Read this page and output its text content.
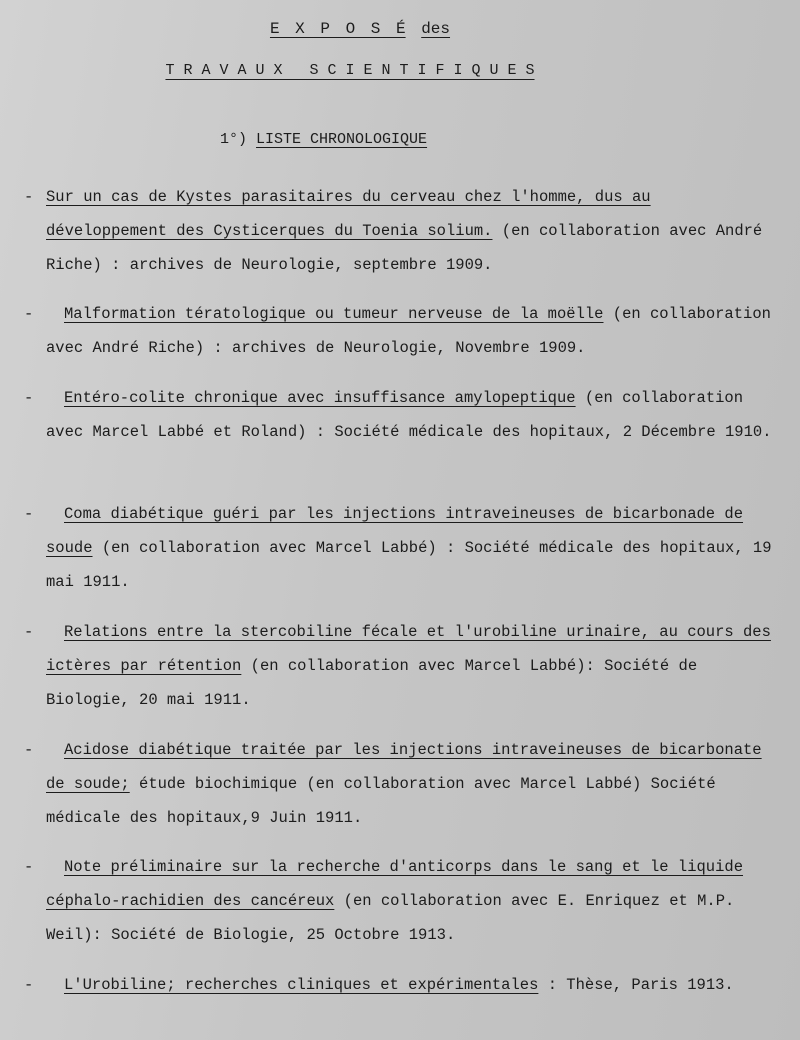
E X P O S É des
T R A V A U X   S C I E N T I F I Q U E S
1°) LISTE CHRONOLOGIQUE
- Sur un cas de Kystes parasitaires du cerveau chez l'homme, dus au développement des Cysticerques du Toenia solium. (en collaboration avec André Riche) : archives de Neurologie, septembre 1909.
-	Malformation tératologique ou tumeur nerveuse de la moëlle (en collaboration avec André Riche) : archives de Neurologie, Novembre 1909.
-	Entéro-colite chronique avec insuffisance amylopeptique (en collaboration avec Marcel Labbé et Roland) : Société médicale des hopitaux, 2 Décembre 1910.
-	Coma diabétique guéri par les injections intraveineuses de bicarbonade de soude (en collaboration avec Marcel Labbé) : Société médicale des hopitaux, 19 mai 1911.
-	Relations entre la stercobiline fécale et l'urobiline urinaire, au cours des ictères par rétention (en collaboration avec Marcel Labbé): Société de Biologie, 20 mai 1911.
-	Acidose diabétique traitée par les injections intraveineuses de bicarbonate de soude; étude biochimique (en collaboration avec Marcel Labbé) Société médicale des hopitaux,9 Juin 1911.
-	Note préliminaire sur la recherche d'anticorps dans le sang et le liquide céphalo-rachidien des cancéreux (en collaboration avec E. Enriquez et M.P. Weil): Société de Biologie, 25 Octobre 1913.
-	L'Urobiline; recherches cliniques et expérimentales : Thèse, Paris 1913.
